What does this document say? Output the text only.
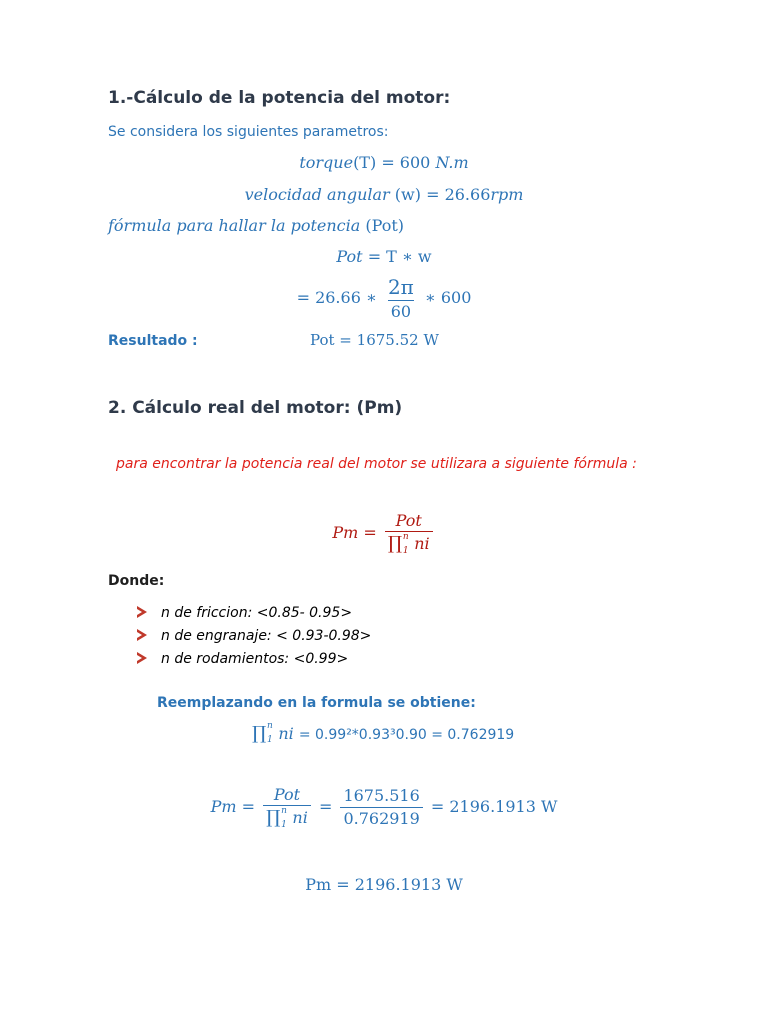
1.-Cálculo de la potencia del motor:
Se considera los siguientes parametros:
torque(T) = 600 N.m
velocidad angular (w) = 26.66rpm
fórmula para hallar la potencia (Pot)
Pot = T ∗ w
= 26.66 ∗ $\frac{2\pi}{60}$ ∗ 600
Resultado :	Pot = 1675.52 W
2. Cálculo real del motor: (Pm)
para encontrar la potencia real del motor se utilizara a siguiente fórmula :
Pm = Pot
∏ n
1 ni
Donde:
n de friccion: <0.85- 0.95>
n de engranaje: < 0.93-0.98>
n de rodamientos: <0.99>
Reemplazando en la formula se obtiene:
∏ n
1 ni = 0.99²*0.93³0.90 = 0.762919
Pm = Pot
∏ n
1 ni = $\frac{1675.516}{0.762919} = 2196.1913$ W
Pm = 2196.1913 W
